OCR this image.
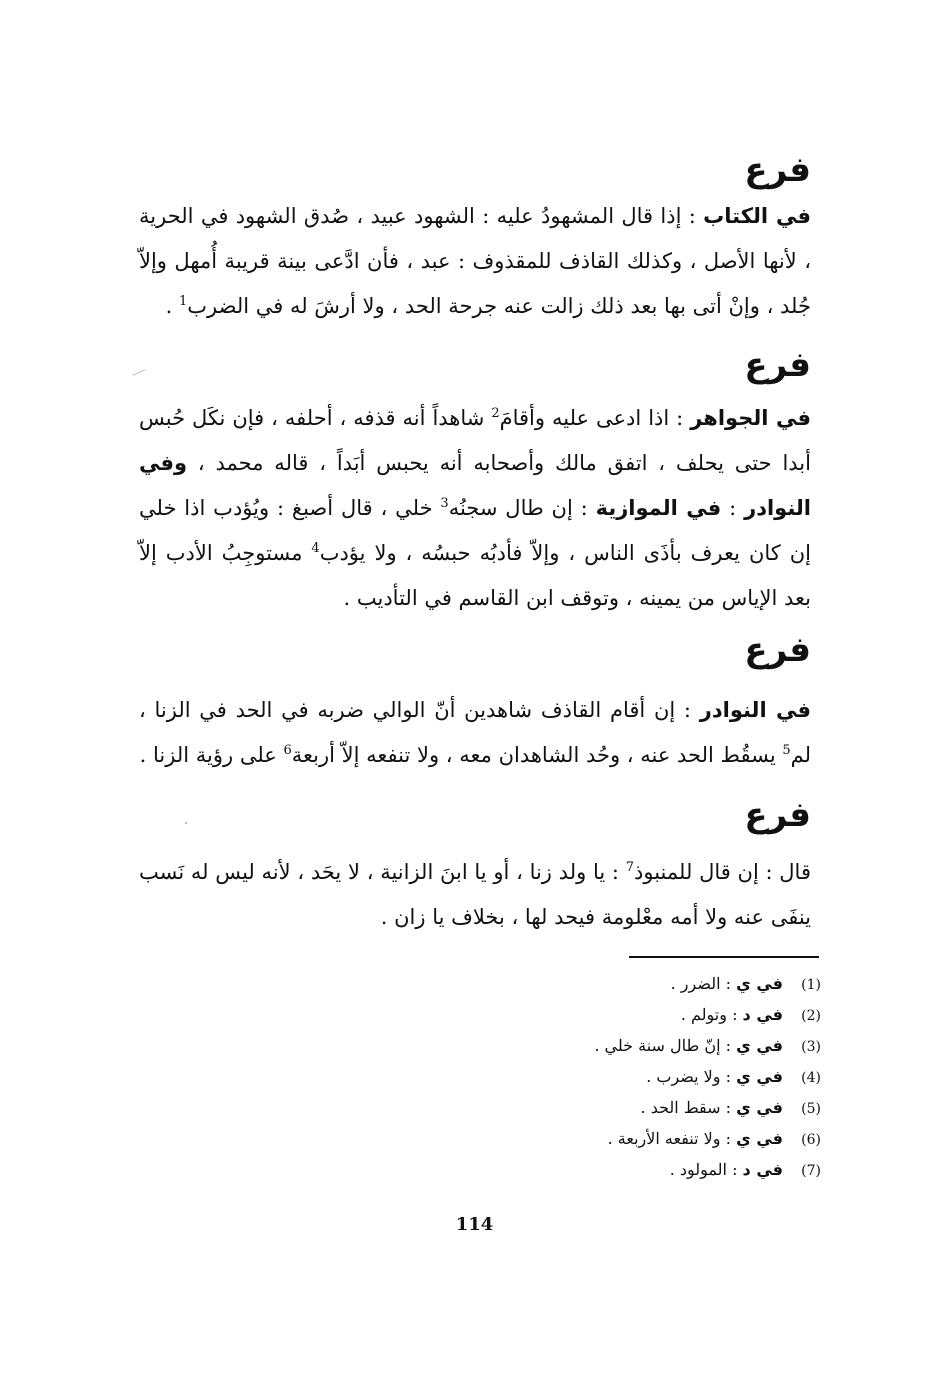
فرع

في الكتاب : إذا قال المشهودُ عليه : الشهود عبيد ، صُدق الشهود في الحرية ، لأنها الأصل ، وكذلك القاذف للمقذوف : عبد ، فأن ادَّعى بينة قريبة أُمهل وإلاّ جُلد ، وإنْ أتى بها بعد ذلك زالت عنه جرحة الحد ، ولا أرشَ له في الضرب$^1$ .

فرع

في الجواهر : اذا ادعى عليه وأقامَ$^2$ شاهداً أنه قذفه ، أحلفه ، فإن نكَل حُبس أبدا حتى يحلف ، اتفق مالك وأصحابه أنه يحبس أبَداً ، قاله محمد ، وفي النوادر : في الموازية : إن طال سجنُه$^3$ خلي ، قال أصبغ : ويُؤدب اذا خلي إن كان يعرف بأذَى الناس ، وإلاّ فأدبُه حبسُه ، ولا يؤدب$^4$ مستوجِبُ الأدب إلاّ بعد الإياس من يمينه ، وتوقف ابن القاسم في التأديب .

فرع

في النوادر : إن أقام القاذف شاهدين أنّ الوالي ضربه في الحد في الزنا ، لم$^5$ يسقُط الحد عنه ، وحُد الشاهدان معه ، ولا تنفعه إلاّ أربعة$^6$ على رؤية الزنا .

فرع

قال : إن قال للمنبوذ$^7$ : يا ولد زنا ، أو يا ابنَ الزانية ، لا يحَد ، لأنه ليس له نَسب ينفَى عنه ولا أمه معْلومة فيحد لها ، بخلاف يا زان .

(1)
في ي : الضرر .
(2)
في د : وتولم .
(3)
في ي : إنّ طال سنة خلي .
(4)
في ي : ولا يضرب .
(5)
في ي : سقط الحد .
(6)
في ي : ولا تنفعه الأربعة .
(7)
في د : المولود .
114
